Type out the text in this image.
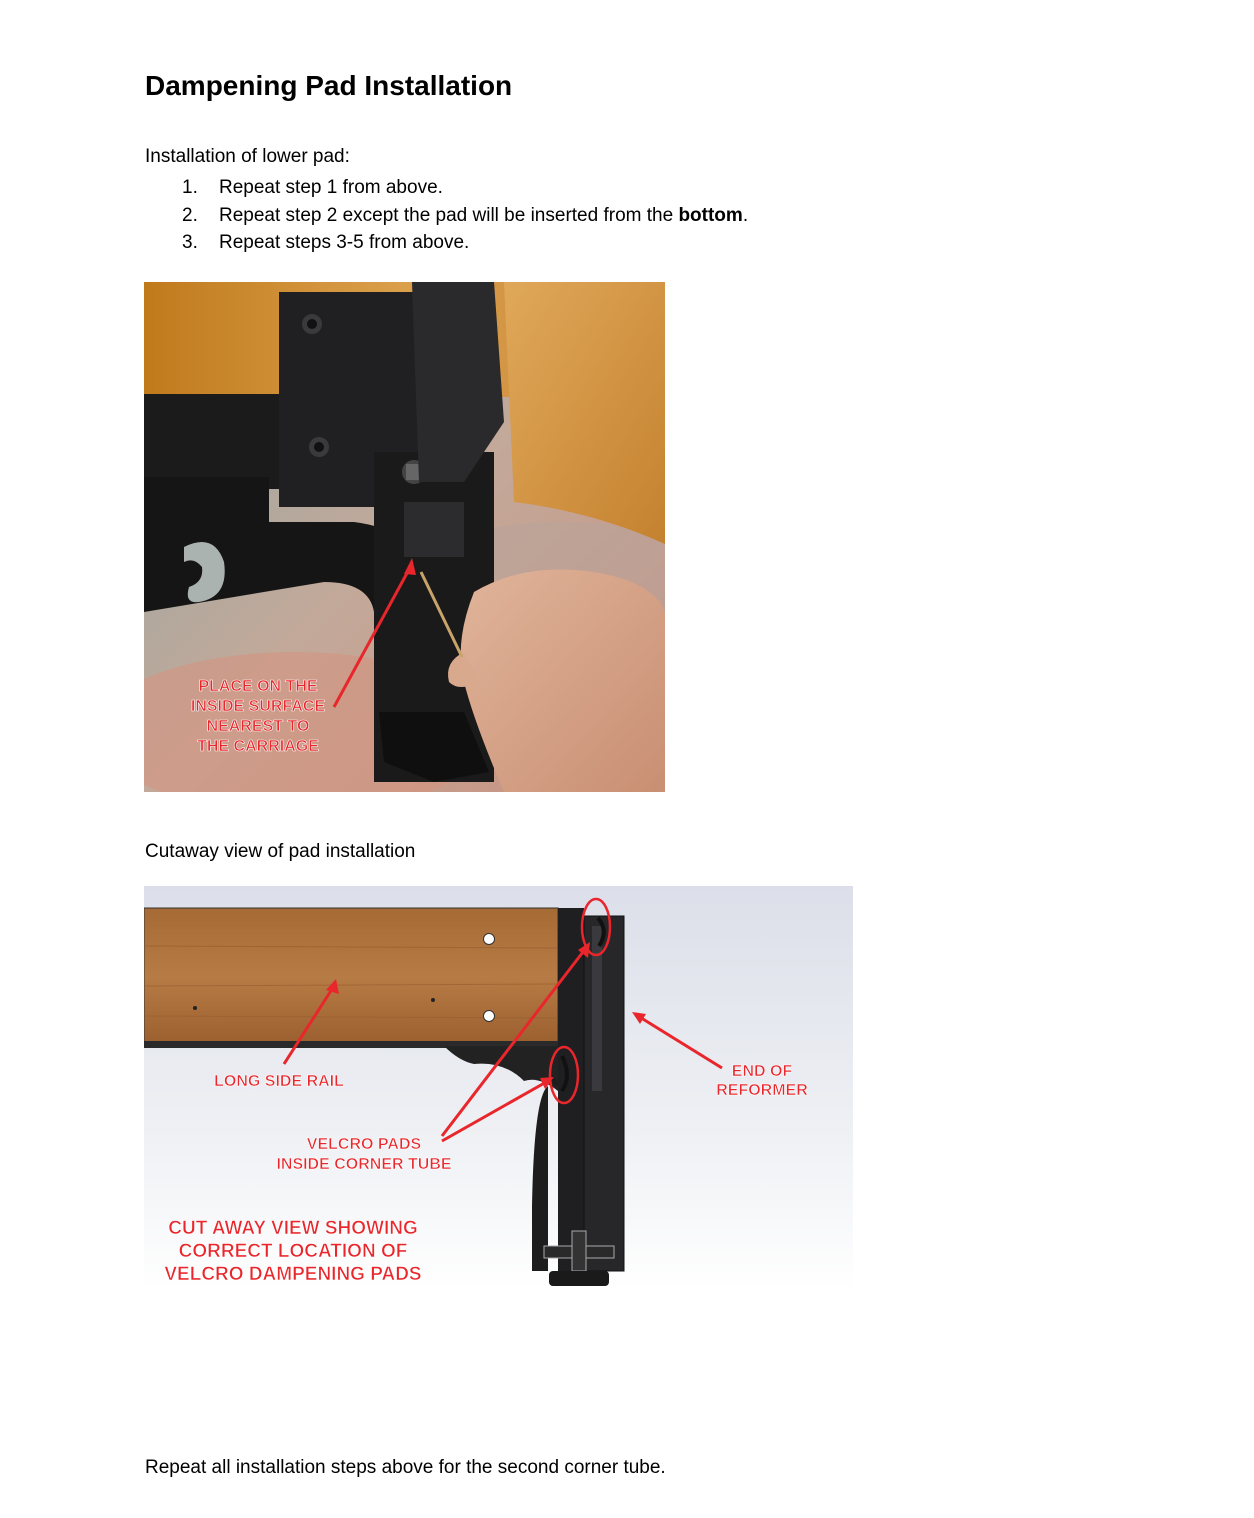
Dampening Pad Installation
Installation of lower pad:
1. Repeat step 1 from above.
2. Repeat step 2 except the pad will be inserted from the bottom.
3. Repeat steps 3-5 from above.
PLACE ON THE
INSIDE SURFACE
NEAREST TO
THE CARRIAGE
Cutaway view of pad installation
LONG SIDE RAIL
END OF
REFORMER
VELCRO PADS
INSIDE CORNER TUBE
CUT AWAY VIEW SHOWING
CORRECT LOCATION OF
VELCRO DAMPENING PADS
Repeat all installation steps above for the second corner tube.
